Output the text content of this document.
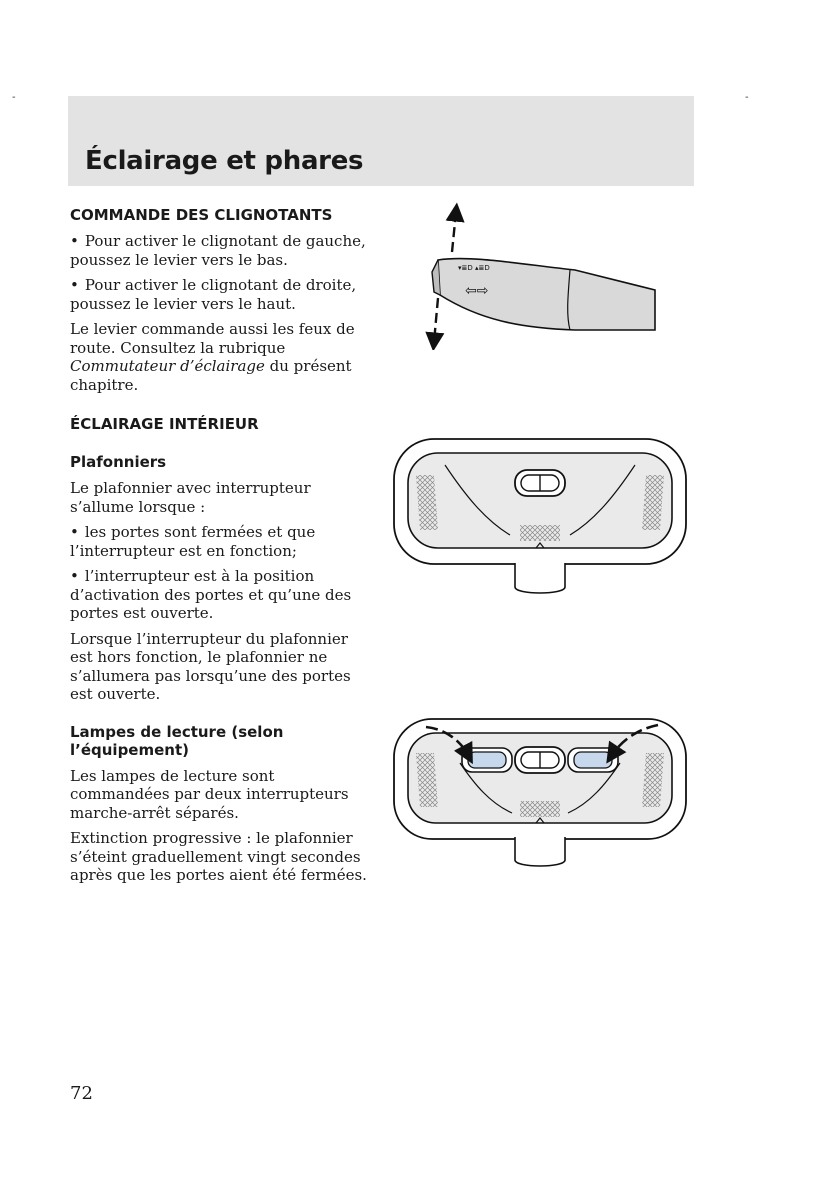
-	-
Éclairage et phares
COMMANDE DES CLIGNOTANTS

• Pour activer le clignotant de gauche, poussez le levier vers le bas.

• Pour activer le clignotant de droite, poussez le levier vers le haut.

Le levier commande aussi les feux de route. Consultez la rubrique Commutateur d’éclairage du présent chapitre.

ÉCLAIRAGE INTÉRIEUR
Plafonniers

Le plafonnier avec interrupteur s’allume lorsque :

• les portes sont fermées et que l’interrupteur est en fonction;

• l’interrupteur est à la position d’activation des portes et qu’une des portes est ouverte.

Lorsque l’interrupteur du plafonnier est hors fonction, le plafonnier ne s’allumera pas lorsqu’une des portes est ouverte.

Lampes de lecture (selon l’équipement)

Les lampes de lecture sont commandées par deux interrupteurs marche-arrêt séparés.

Extinction progressive : le plafonnier s’éteint graduellement vingt secondes après que les portes aient été fermées.

⇦⇨
▾≣D ▴≣D
72
